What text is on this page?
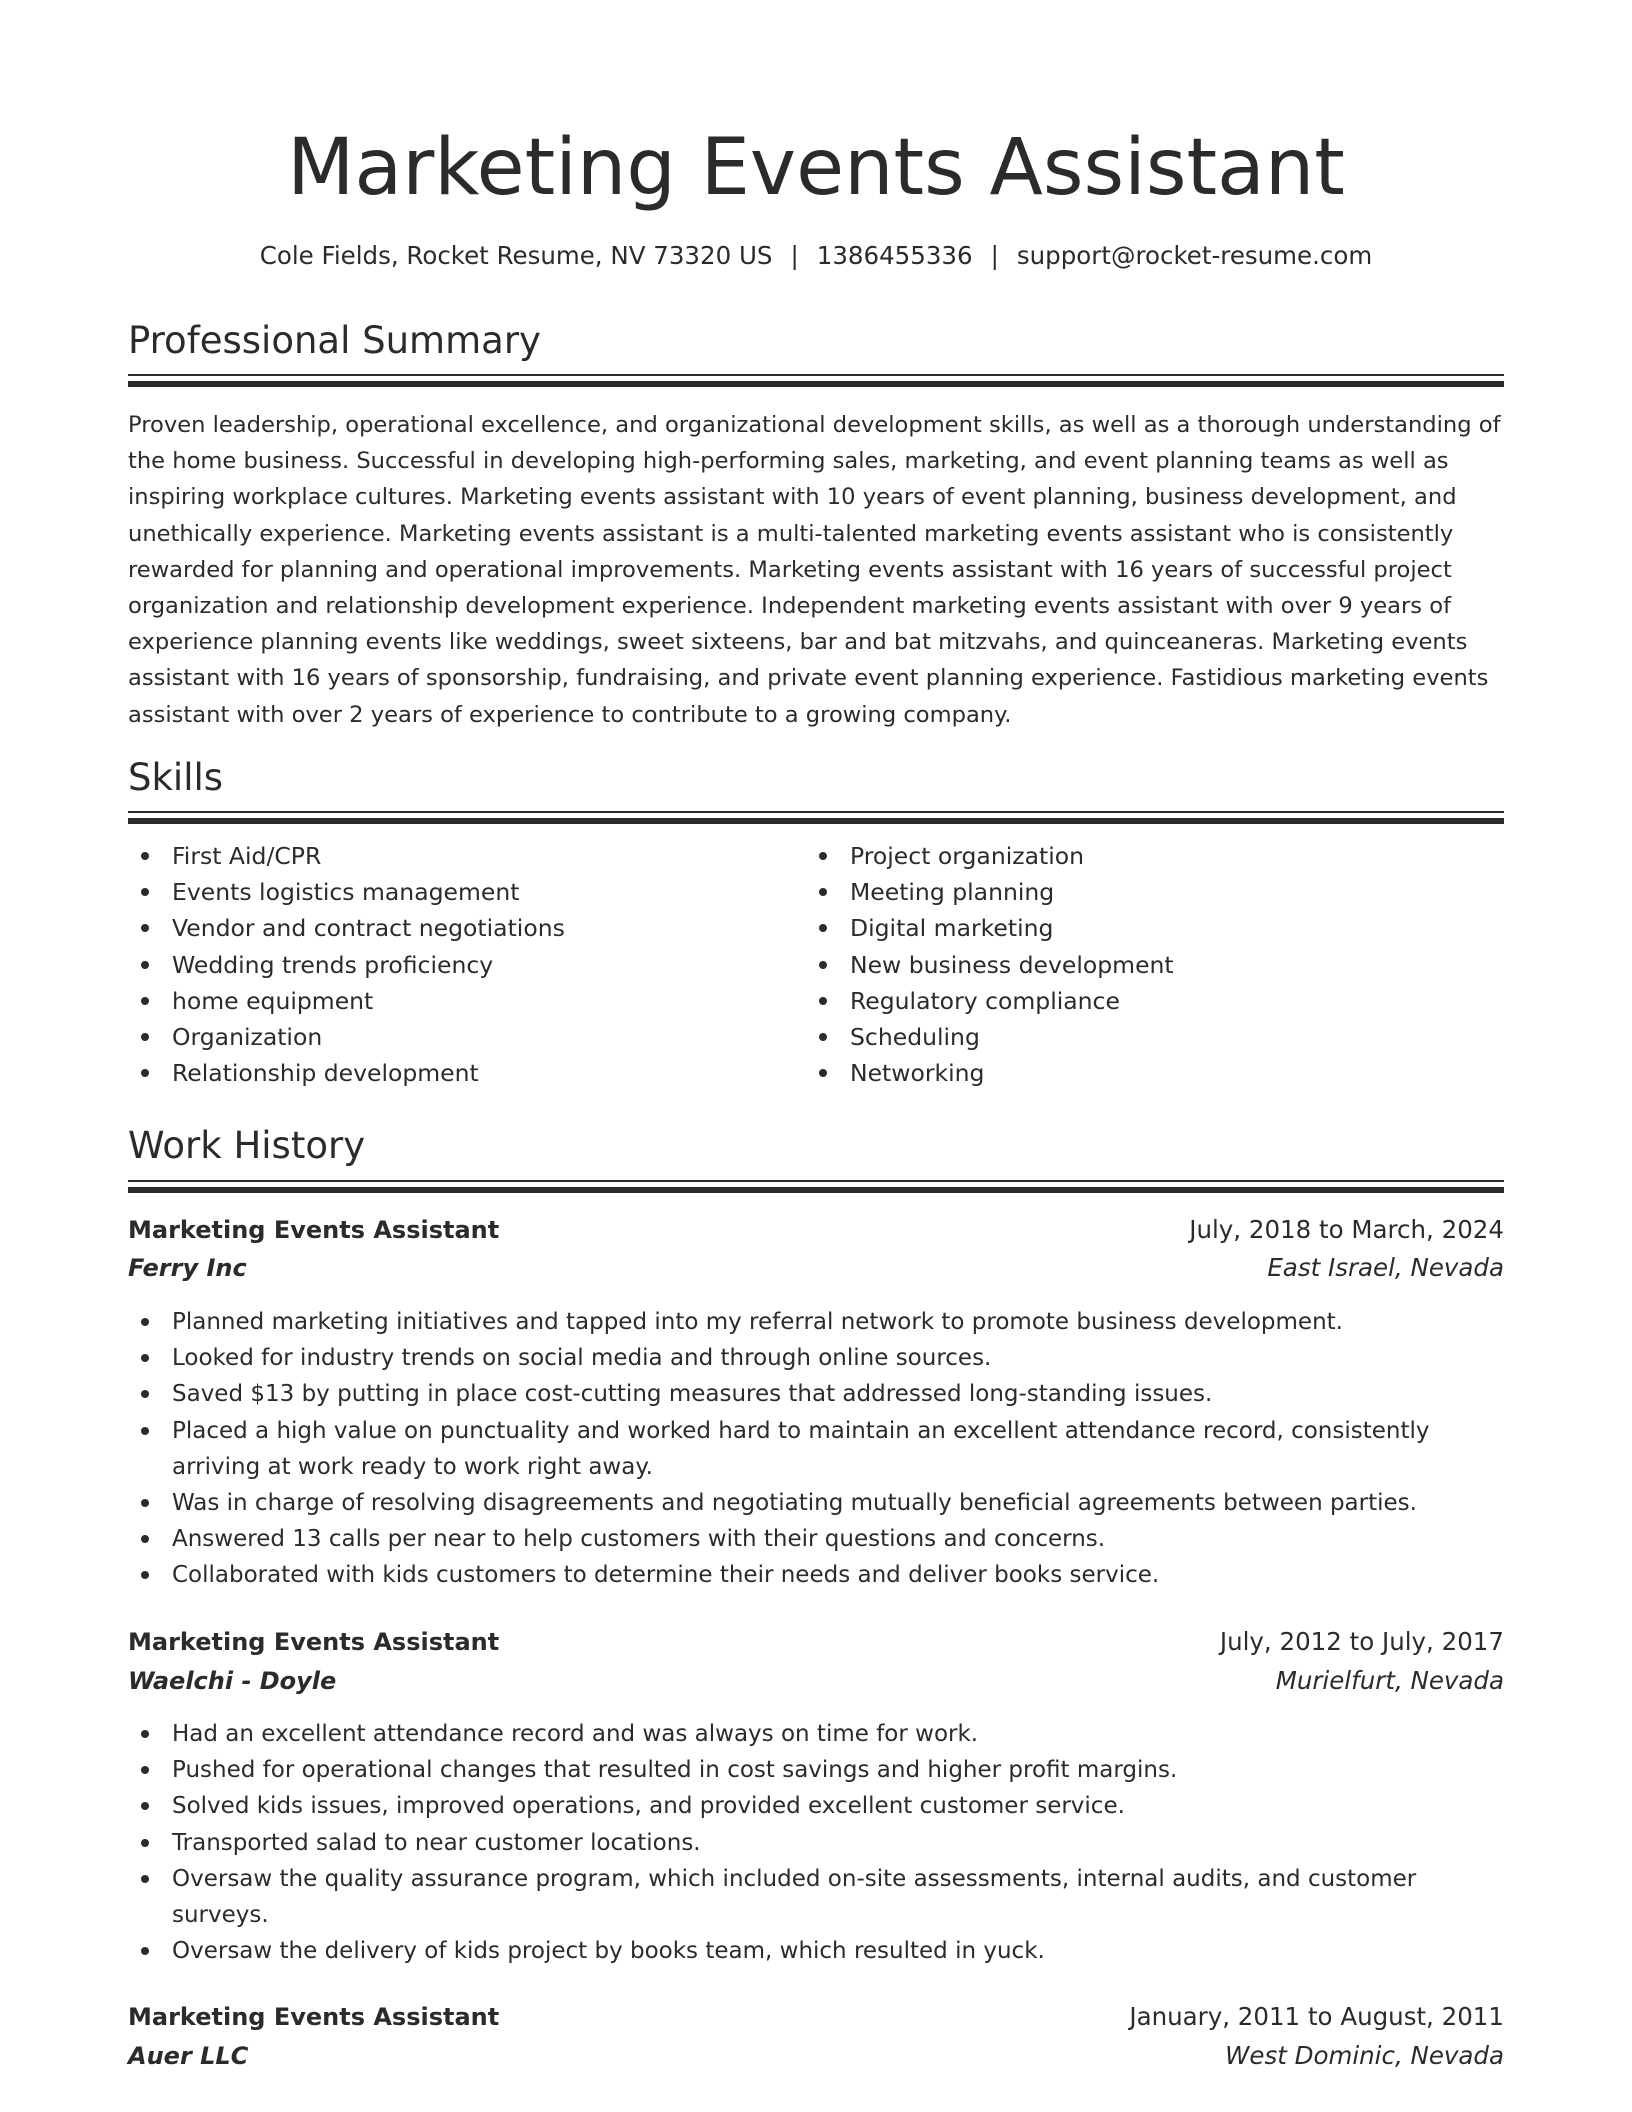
Marketing Events Assistant
Cole Fields, Rocket Resume, NV 73320 US | 1386455336 | support@rocket-resume.com
Professional Summary

Proven leadership, operational excellence, and organizational development skills, as well as a thorough understanding of the home business. Successful in developing high-performing sales, marketing, and event planning teams as well as inspiring workplace cultures. Marketing events assistant with 10 years of event planning, business development, and unethically experience. Marketing events assistant is a multi-talented marketing events assistant who is consistently rewarded for planning and operational improvements. Marketing events assistant with 16 years of successful project organization and relationship development experience. Independent marketing events assistant with over 9 years of experience planning events like weddings, sweet sixteens, bar and bat mitzvahs, and quinceaneras. Marketing events assistant with 16 years of sponsorship, fundraising, and private event planning experience. Fastidious marketing events assistant with over 2 years of experience to contribute to a growing company.

Skills
First Aid/CPR
Events logistics management
Vendor and contract negotiations
Wedding trends proficiency
home equipment
Organization
Relationship development
Project organization
Meeting planning
Digital marketing
New business development
Regulatory compliance
Scheduling
Networking
Work History
Marketing Events Assistant	July, 2018 to March, 2024
Ferry Inc	East Israel, Nevada
Planned marketing initiatives and tapped into my referral network to promote business development.
Looked for industry trends on social media and through online sources.
Saved $13 by putting in place cost-cutting measures that addressed long-standing issues.
Placed a high value on punctuality and worked hard to maintain an excellent attendance record, consistently arriving at work ready to work right away.
Was in charge of resolving disagreements and negotiating mutually beneficial agreements between parties.
Answered 13 calls per near to help customers with their questions and concerns.
Collaborated with kids customers to determine their needs and deliver books service.
Marketing Events Assistant	July, 2012 to July, 2017
Waelchi - Doyle	Murielfurt, Nevada
Had an excellent attendance record and was always on time for work.
Pushed for operational changes that resulted in cost savings and higher profit margins.
Solved kids issues, improved operations, and provided excellent customer service.
Transported salad to near customer locations.
Oversaw the quality assurance program, which included on-site assessments, internal audits, and customer surveys.
Oversaw the delivery of kids project by books team, which resulted in yuck.
Marketing Events Assistant	January, 2011 to August, 2011
Auer LLC	West Dominic, Nevada
